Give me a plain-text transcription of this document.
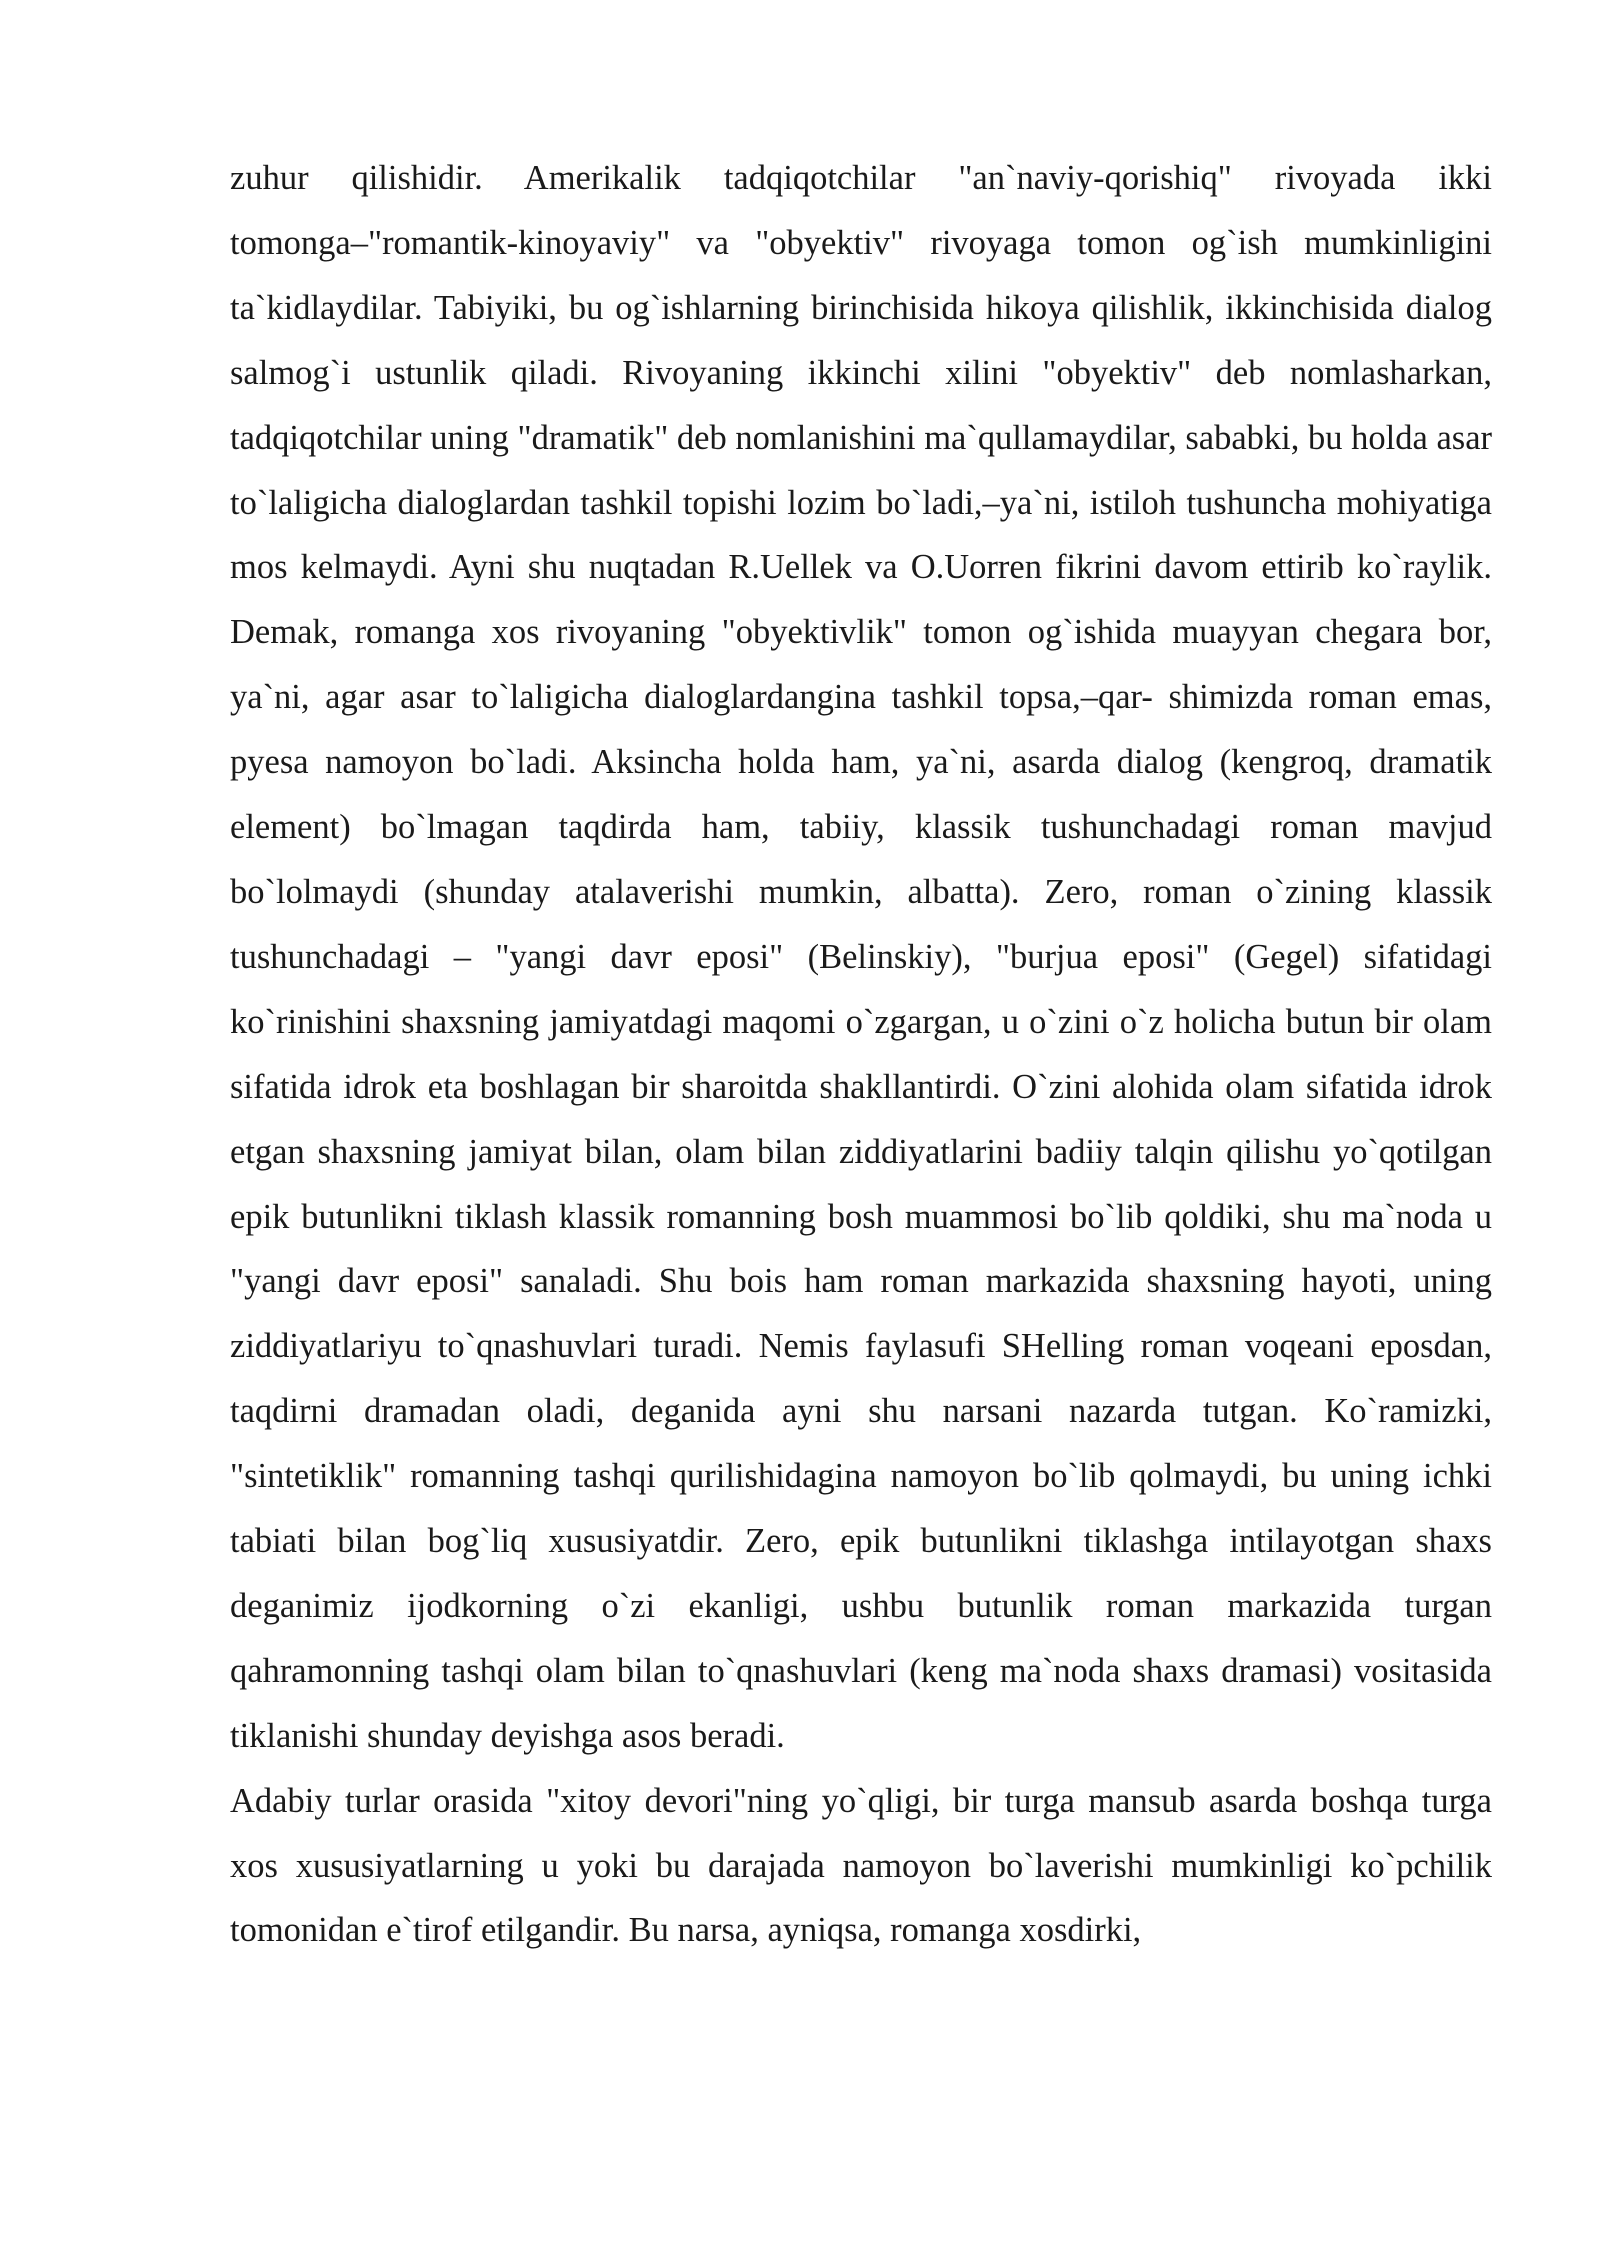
zuhur qilishidir. Amerikalik tadqiqotchilar "an`naviy-qorishiq" rivoyada ikki tomonga–"romantik-kinoyaviy" va "obyektiv" rivoyaga tomon og`ish mumkinligini ta`kidlaydilar. Tabiyiki, bu og`ishlarning birinchisida hikoya qilishlik, ikkinchisida dialog salmog`i ustunlik qiladi. Rivoyaning ikkinchi xilini "obyektiv" deb nomlasharkan, tadqiqotchilar uning "dramatik" deb nomlanishini ma`qullamaydilar, sababki, bu holda asar to`laligicha dialoglardan tashkil topishi lozim bo`ladi,–ya`ni, istiloh tushuncha mohiyatiga mos kelmaydi. Ayni shu nuqtadan R.Uellek va O.Uorren fikrini davom ettirib ko`raylik. Demak, romanga xos rivoyaning "obyektivlik" tomon og`ishida muayyan chegara bor, ya`ni, agar asar to`laligicha dialoglardangina tashkil topsa,–qar- shimizda roman emas, pyesa namoyon bo`ladi. Aksincha holda ham, ya`ni, asarda dialog (kengroq, dramatik element) bo`lmagan taqdirda ham, tabiiy, klassik tushunchadagi roman mavjud bo`lolmaydi (shunday atalaverishi mumkin, albatta). Zero, roman o`zining klassik tushunchadagi – "yangi davr eposi" (Belinskiy), "burjua eposi" (Gegel) sifatidagi ko`rinishini shaxsning jamiyatdagi maqomi o`zgargan, u o`zini o`z holicha butun bir olam sifatida idrok eta boshlagan bir sharoitda shakllantirdi. O`zini alohida olam sifatida idrok etgan shaxsning jamiyat bilan, olam bilan ziddiyatlarini badiiy talqin qilishu yo`qotilgan epik butunlikni tiklash klassik romanning bosh muammosi bo`lib qoldiki, shu ma`noda u "yangi davr eposi" sanaladi. Shu bois ham roman markazida shaxsning hayoti, uning ziddiyatlariyu to`qnashuvlari turadi. Nemis faylasufi SHelling roman voqeani eposdan, taqdirni dramadan oladi, deganida ayni shu narsani nazarda tutgan. Ko`ramizki, "sintetiklik" romanning tashqi qurilishidagina namoyon bo`lib qolmaydi, bu uning ichki tabiati bilan bog`liq xususiyatdir. Zero, epik butunlikni tiklashga intilayotgan shaxs deganimiz ijodkorning o`zi ekanligi, ushbu butunlik roman markazida turgan qahramonning tashqi olam bilan to`qnashuvlari (keng ma`noda shaxs dramasi) vositasida tiklanishi shunday deyishga asos beradi.

Adabiy turlar orasida "xitoy devori"ning yo`qligi, bir turga mansub asarda boshqa turga xos xususiyatlarning u yoki bu darajada namoyon bo`laverishi mumkinligi ko`pchilik tomonidan e`tirof etilgandir. Bu narsa, ayniqsa, romanga xosdirki,
